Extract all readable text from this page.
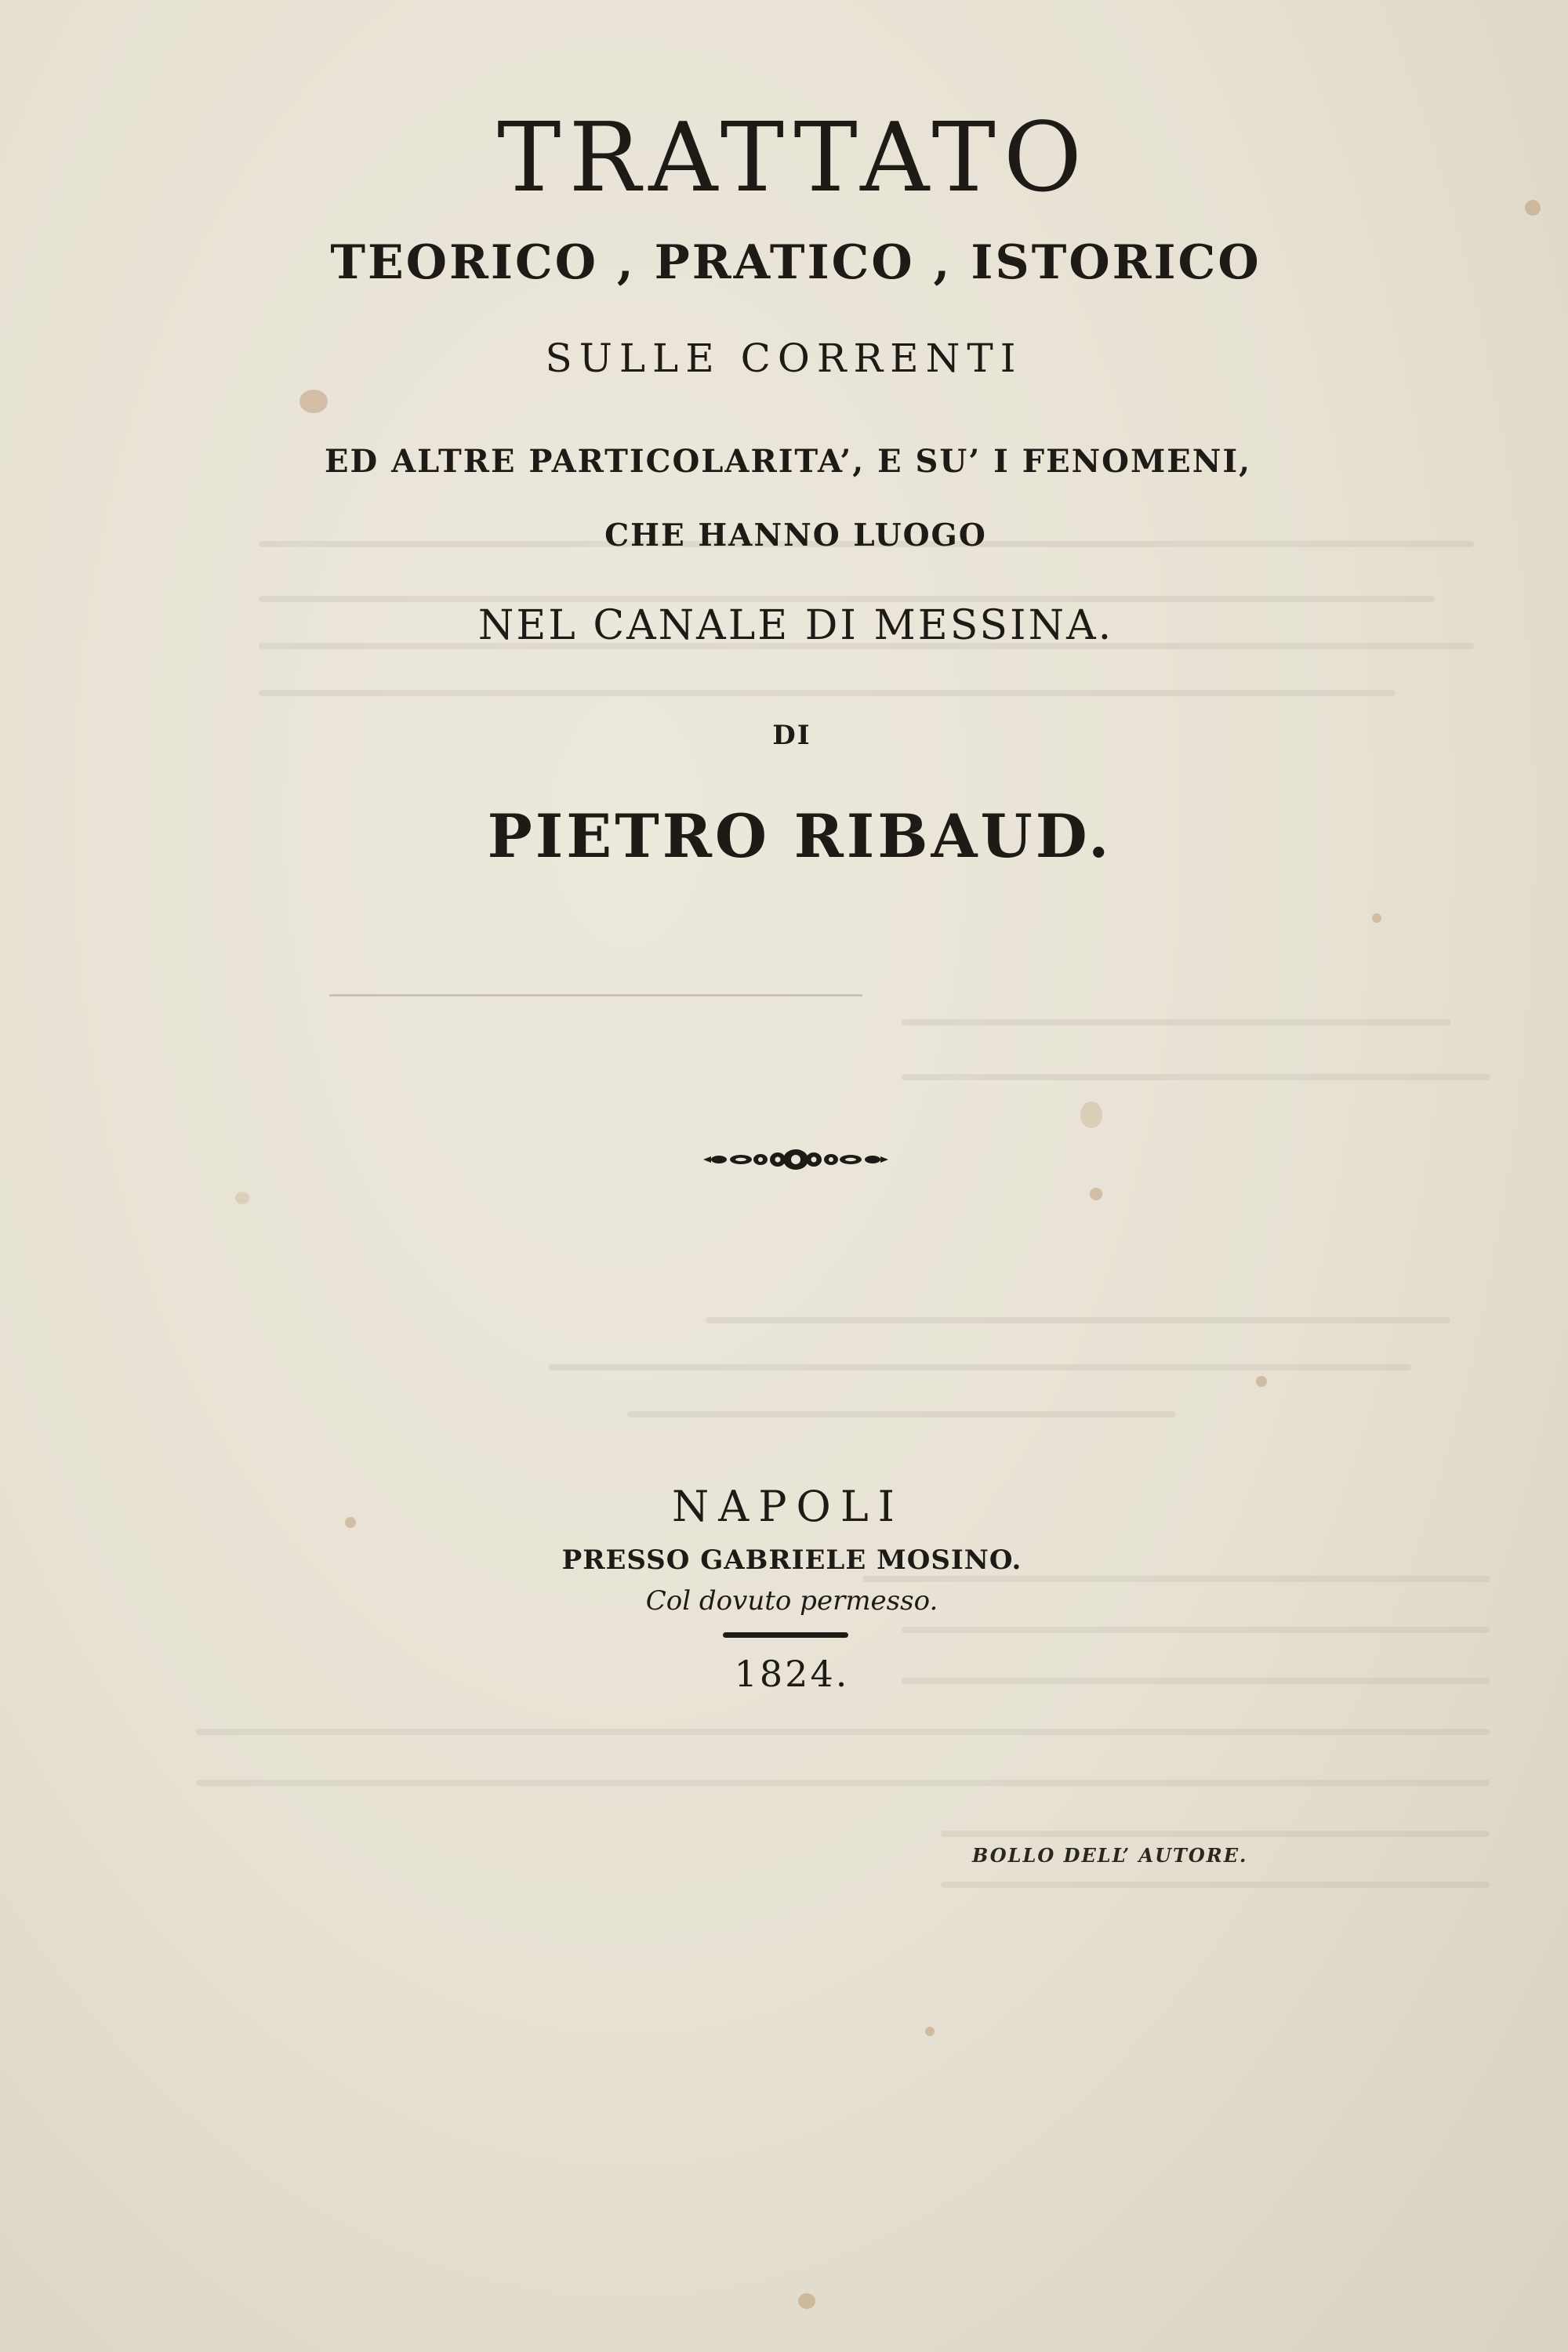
TRATTATO
TEORICO , PRATICO , ISTORICO
SULLE CORRENTI
ED ALTRE PARTICOLARITA’, E SU’ I FENOMENI,
CHE HANNO LUOGO
NEL CANALE DI MESSINA.
DI
PIETRO RIBAUD.
NAPOLI
PRESSO GABRIELE MOSINO.
Col dovuto permesso.
1824.
BOLLO DELL’ AUTORE.
